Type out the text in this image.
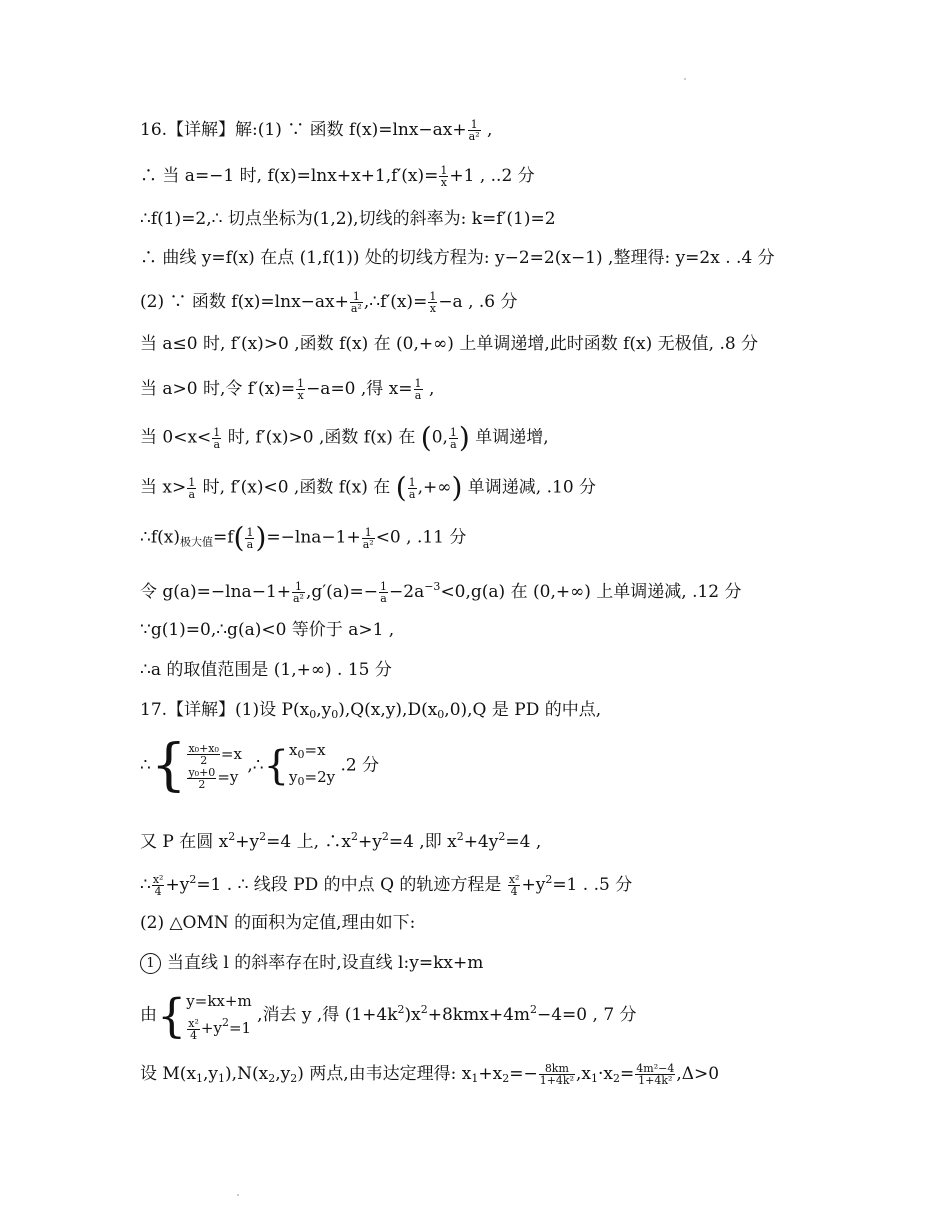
16.【详解】解:(1) ∵ 函数 $f(x)=\ln x-ax+ \frac{1}{\text{a²}}$ ,
∴ 当 a=−1 时, $f(x)=\ln x+x+1,f'(x)= \frac{1}{x} +1$ , ..2 分
∴f(1)=2,∴ 切点坐标为(1,2),切线的斜率为: k=f′(1)=2
∴ 曲线 y=f(x) 在点 (1,f(1)) 处的切线方程为: y−2=2(x−1) ,整理得: y=2x . .4 分
(2) ∵ 函数 $f(x)=\ln x-ax+ \frac{1}{\text{a²}}$ ,∴f′(x)= $\frac{1}{x} -a$ , .6 分
当 a≤0 时, f′(x)>0 ,函数 f(x) 在 (0,+∞) 上单调递增,此时函数 f(x) 无极值, .8 分
当 a>0 时,令 $f'(x)= \frac{1}{x} -a=0$ ,得 $x= \frac{1}{a}$ ,
当 $0<x< \frac{1}{a}$ 时, f′(x)>0 ,函数 f(x) 在 (0, $\frac{1}{a}$ ) 单调递增,
当 $x> \frac{1}{a}$ 时, f′(x)<0 ,函数 f(x) 在 ( $\frac{1}{a}$ ,+∞) 单调递减, .10 分
$\therefore f(x)_{极大值}=f( \frac{1}{a} )=-\ln a-1+ \frac{1}{\text{a²}} <0$ , .11 分
令 $g(a)=-\ln a-1+ \frac{1}{\text{a²}} ,g'(a)=- \frac{1}{a} -2a^{-3}<0,g(a)$ 在 (0,+∞) 上单调递减, .12 分
∵g(1)=0,∴g(a)<0 等价于 a>1 ,
∴a 的取值范围是 (1,+∞) . 15 分
17.【详解】(1)设 $P(x_0,y_0),Q(x,y),D(x_0,0),Q$ 是 PD 的中点,
∴{ $\frac{\text{x₀+x₀}}{2} =x$
$\frac{\text{y₀+0}}{2} =y$
,∴{ $x_0=x$
$y_0=2y$
.2 分
又 P 在圆 $x^2+y^2=4$ 上, $\therefore x^2+y^2=4$ ,即 $x^2+4y^2=4$ ,
∴ $\frac{\text{x²}}{4} +y^2=1$ . ∴ 线段 PD 的中点 Q 的轨迹方程是 $\frac{\text{x²}}{4} +y^2=1$ . .5 分
(2) △OMN 的面积为定值,理由如下:
1 当直线 l 的斜率存在时,设直线 l:y=kx+m
由{ y=kx+m
$\frac{\text{x²}}{4} +y^2=1$
,消去 y ,得 $(1+4k^2)x^2+8kmx+4m^2-4=0$ , 7 分
设 $M(x_1,y_1),N(x_2,y_2)$ 两点,由韦达定理得: $x_1+x_2=- \frac{8km}{\text{1+4k²}} ,x_1\cdot x_2= \frac{\text{4m²−4}}{\text{1+4k²}} ,\Delta>0$
